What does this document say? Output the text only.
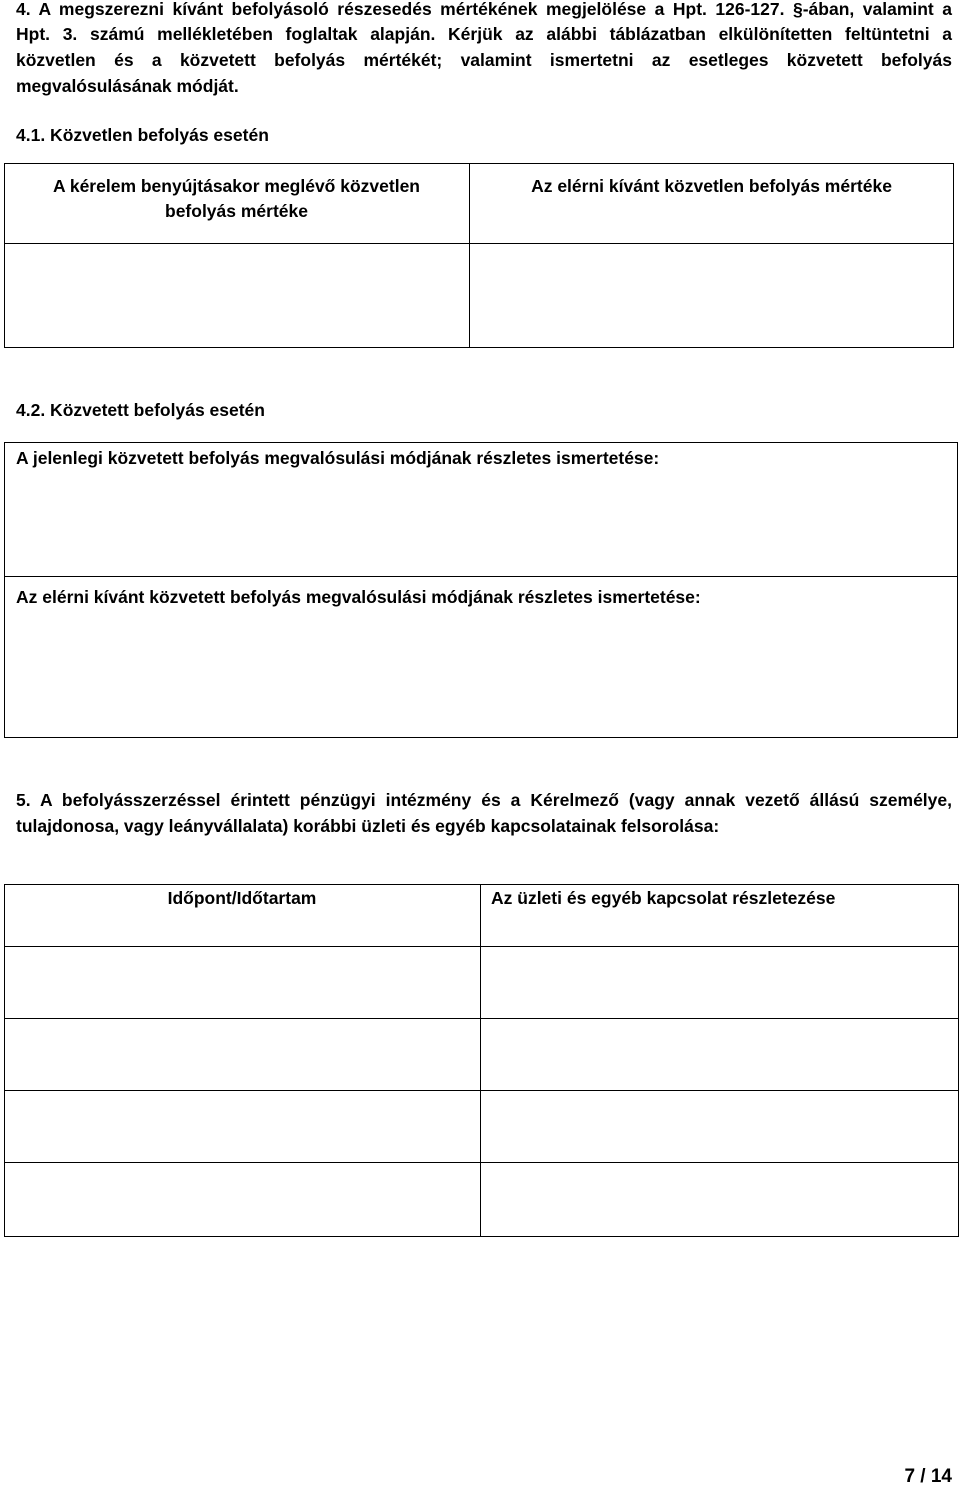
4. A megszerezni kívánt befolyásoló részesedés mértékének megjelölése a Hpt. 126-127. §-ában, valamint a
Hpt. 3. számú mellékletében foglaltak alapján. Kérjük az alábbi táblázatban elkülönítetten feltüntetni a
közvetlen és a közvetett befolyás mértékét; valamint ismertetni az esetleges közvetett befolyás
megvalósulásának módját.
4.1. Közvetlen befolyás esetén
A kérelem benyújtásakor meglévő közvetlen
befolyás mértéke
Az elérni kívánt közvetlen befolyás mértéke
4.2. Közvetett befolyás esetén
A jelenlegi közvetett befolyás megvalósulási módjának részletes ismertetése:
Az elérni kívánt közvetett befolyás megvalósulási módjának részletes ismertetése:
5. A befolyásszerzéssel érintett pénzügyi intézmény és a Kérelmező (vagy annak vezető állású személye,
tulajdonosa, vagy leányvállalata) korábbi üzleti és egyéb kapcsolatainak felsorolása:
Időpont/Időtartam	Az üzleti és egyéb kapcsolat részletezése
7 / 14
